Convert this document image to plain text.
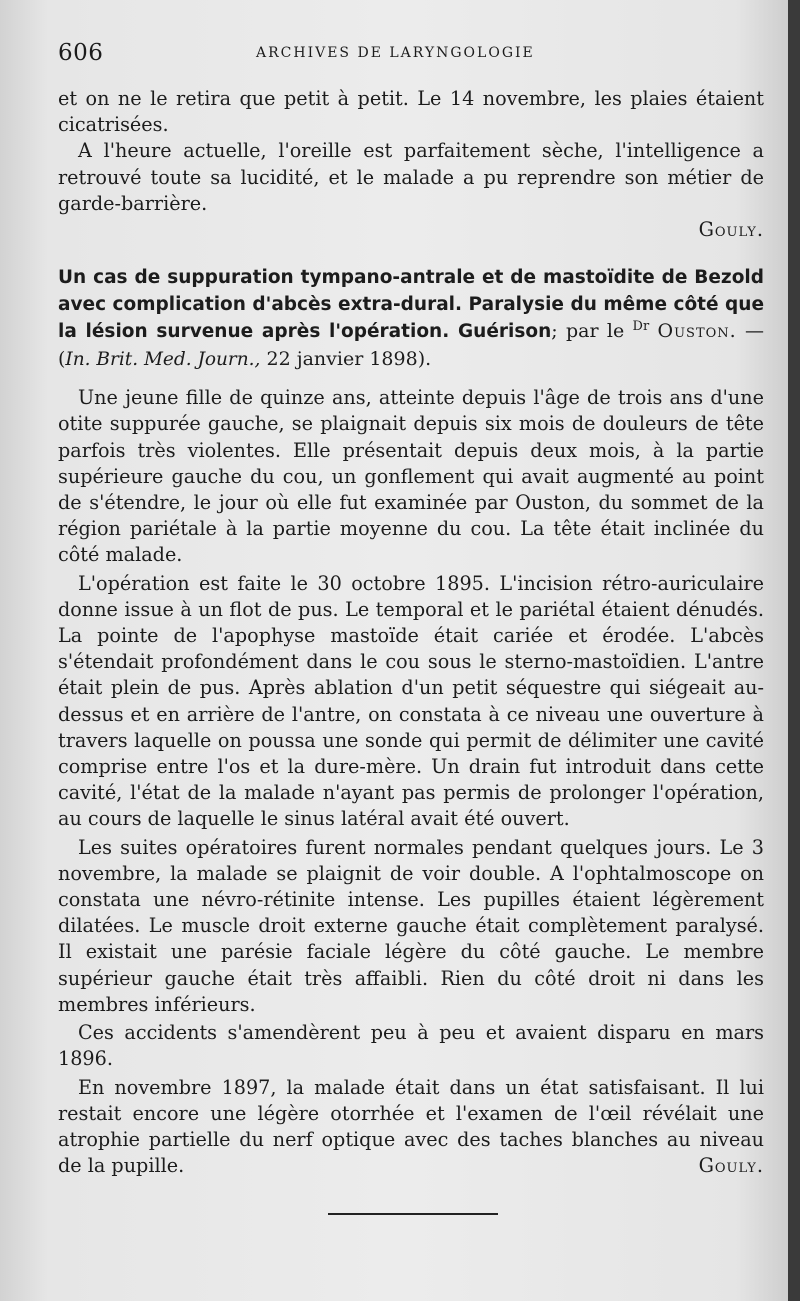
606	ARCHIVES DE LARYNGOLOGIE

et on ne le retira que petit à petit. Le 14 novembre, les plaies étaient cicatrisées.

A l'heure actuelle, l'oreille est parfaitement sèche, l'intelligence a retrouvé toute sa lucidité, et le malade a pu reprendre son métier de garde-barrière.

Gouly.

Un cas de suppuration tympano-antrale et de mastoïdite de Bezold avec complication d'abcès extra-dural. Paralysie du même côté que la lésion survenue après l'opération. Guérison; par le $^{Dr}$ Ouston. — (In. Brit. Med. Journ., 22 janvier 1898).

Une jeune fille de quinze ans, atteinte depuis l'âge de trois ans d'une otite suppurée gauche, se plaignait depuis six mois de douleurs de tête parfois très violentes. Elle présentait depuis deux mois, à la partie supérieure gauche du cou, un gonflement qui avait augmenté au point de s'étendre, le jour où elle fut examinée par Ouston, du sommet de la région pariétale à la partie moyenne du cou. La tête était inclinée du côté malade.

L'opération est faite le 30 octobre 1895. L'incision rétro-auriculaire donne issue à un flot de pus. Le temporal et le pariétal étaient dénudés. La pointe de l'apophyse mastoïde était cariée et érodée. L'abcès s'étendait profondément dans le cou sous le sterno-mastoïdien. L'antre était plein de pus. Après ablation d'un petit séquestre qui siégeait au-dessus et en arrière de l'antre, on constata à ce niveau une ouverture à travers laquelle on poussa une sonde qui permit de délimiter une cavité comprise entre l'os et la dure-mère. Un drain fut introduit dans cette cavité, l'état de la malade n'ayant pas permis de prolonger l'opération, au cours de laquelle le sinus latéral avait été ouvert.

Les suites opératoires furent normales pendant quelques jours. Le 3 novembre, la malade se plaignit de voir double. A l'ophtalmoscope on constata une névro-rétinite intense. Les pupilles étaient légèrement dilatées. Le muscle droit externe gauche était complètement paralysé. Il existait une parésie faciale légère du côté gauche. Le membre supérieur gauche était très affaibli. Rien du côté droit ni dans les membres inférieurs.

Ces accidents s'amendèrent peu à peu et avaient disparu en mars 1896.

En novembre 1897, la malade était dans un état satisfaisant. Il lui restait encore une légère otorrhée et l'examen de l'œil révélait une atrophie partielle du nerf optique avec des taches blanches au niveau de la pupille.	Gouly.
